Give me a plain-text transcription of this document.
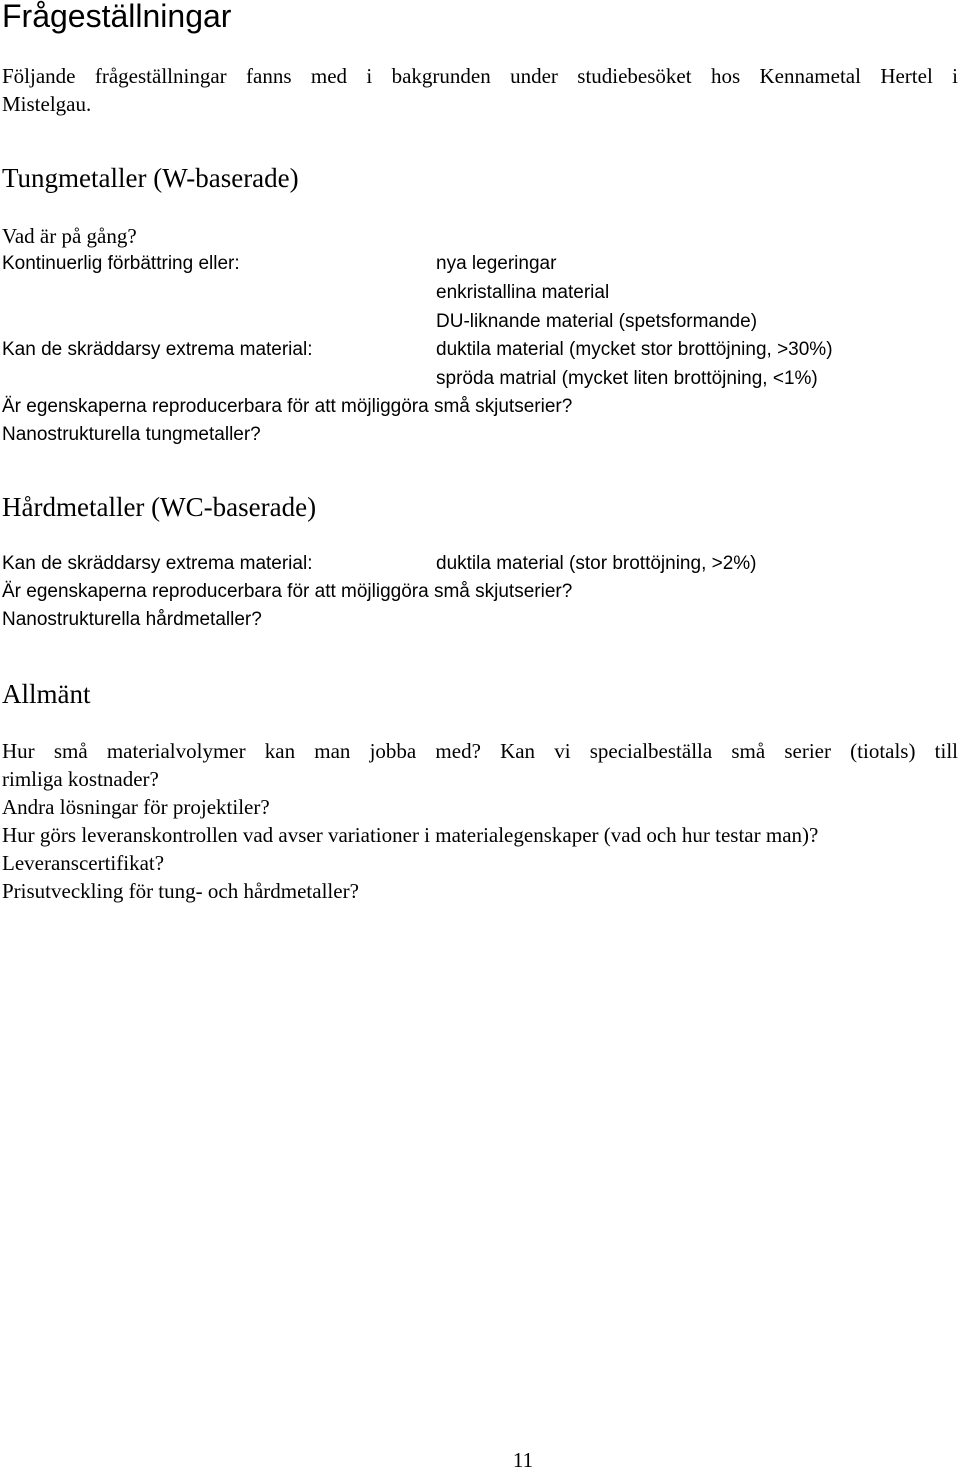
Frågeställningar
Följande frågeställningar fanns med i bakgrunden under studiebesöket hos Kennametal Hertel i
Mistelgau.
Tungmetaller (W-baserade)
Vad är på gång?
Kontinuerlig förbättring eller:	nya legeringar
enkristallina material
DU-liknande material (spetsformande)
Kan de skräddarsy extrema material:	duktila material (mycket stor brottöjning, >30%)
spröda matrial (mycket liten brottöjning, <1%)
Är egenskaperna reproducerbara för att möjliggöra små skjutserier?
Nanostrukturella tungmetaller?
Hårdmetaller (WC-baserade)
Kan de skräddarsy extrema material:	duktila material (stor brottöjning, >2%)
Är egenskaperna reproducerbara för att möjliggöra små skjutserier?
Nanostrukturella hårdmetaller?
Allmänt
Hur små materialvolymer kan man jobba med? Kan vi specialbeställa små serier (tiotals) till
rimliga kostnader?
Andra lösningar för projektiler?
Hur görs leveranskontrollen vad avser variationer i materialegenskaper (vad och hur testar man)?
Leveranscertifikat?
Prisutveckling för tung- och hårdmetaller?
11
